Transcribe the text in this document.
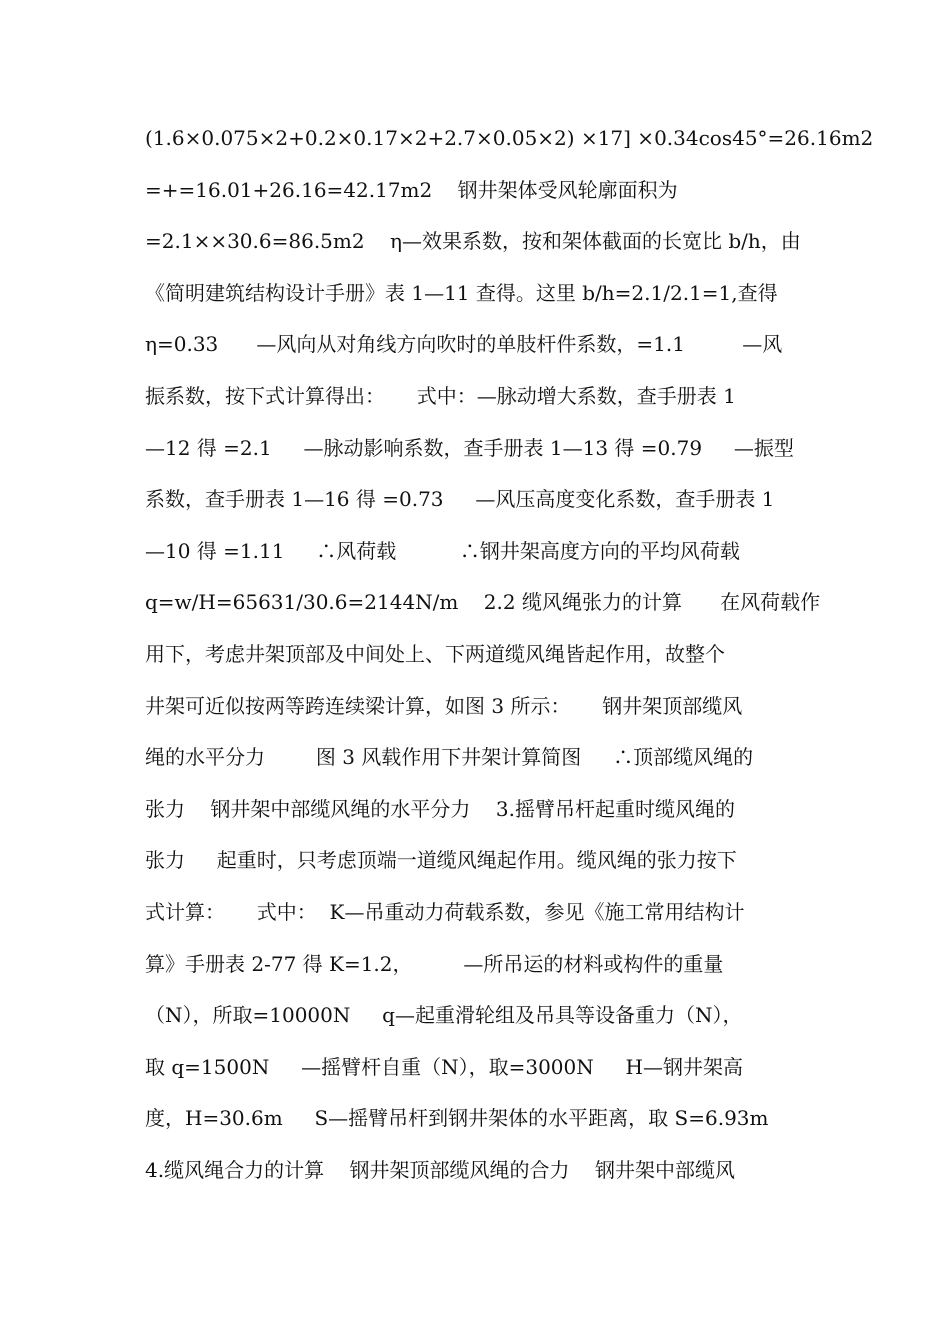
(1.6×0.075×2+0.2×0.17×2+2.7×0.05×2) ×17] ×0.34cos45°=26.16m2
=+=16.01+26.16=42.17m2    钢井架体受风轮廓面积为
=2.1××30.6=86.5m2    η—效果系数，按和架体截面的长宽比 b/h，由
《简明建筑结构设计手册》表 1—11 查得。这里 b/h=2.1/2.1=1,查得
η=0.33      —风向从对角线方向吹时的单肢杆件系数，=1.1         —风
振系数，按下式计算得出：     式中：—脉动增大系数，查手册表 1
—12 得 =2.1     —脉动影响系数，查手册表 1—13 得 =0.79     —振型
系数，查手册表 1—16 得 =0.73     —风压高度变化系数，查手册表 1
—10 得 =1.11     ∴风荷载          ∴钢井架高度方向的平均风荷载
q=w/H=65631/30.6=2144N/m    2.2 缆风绳张力的计算      在风荷载作
用下，考虑井架顶部及中间处上、下两道缆风绳皆起作用，故整个
井架可近似按两等跨连续梁计算，如图 3 所示：     钢井架顶部缆风
绳的水平分力        图 3 风载作用下井架计算简图     ∴顶部缆风绳的
张力    钢井架中部缆风绳的水平分力    3.摇臂吊杆起重时缆风绳的
张力     起重时，只考虑顶端一道缆风绳起作用。缆风绳的张力按下
式计算：     式中：  K—吊重动力荷载系数，参见《施工常用结构计
算》手册表 2-77 得 K=1.2，        —所吊运的材料或构件的重量
（N），所取=10000N     q—起重滑轮组及吊具等设备重力（N），
取 q=1500N     —摇臂杆自重（N），取=3000N     H—钢井架高
度，H=30.6m     S—摇臂吊杆到钢井架体的水平距离，取 S=6.93m
4.缆风绳合力的计算    钢井架顶部缆风绳的合力    钢井架中部缆风
